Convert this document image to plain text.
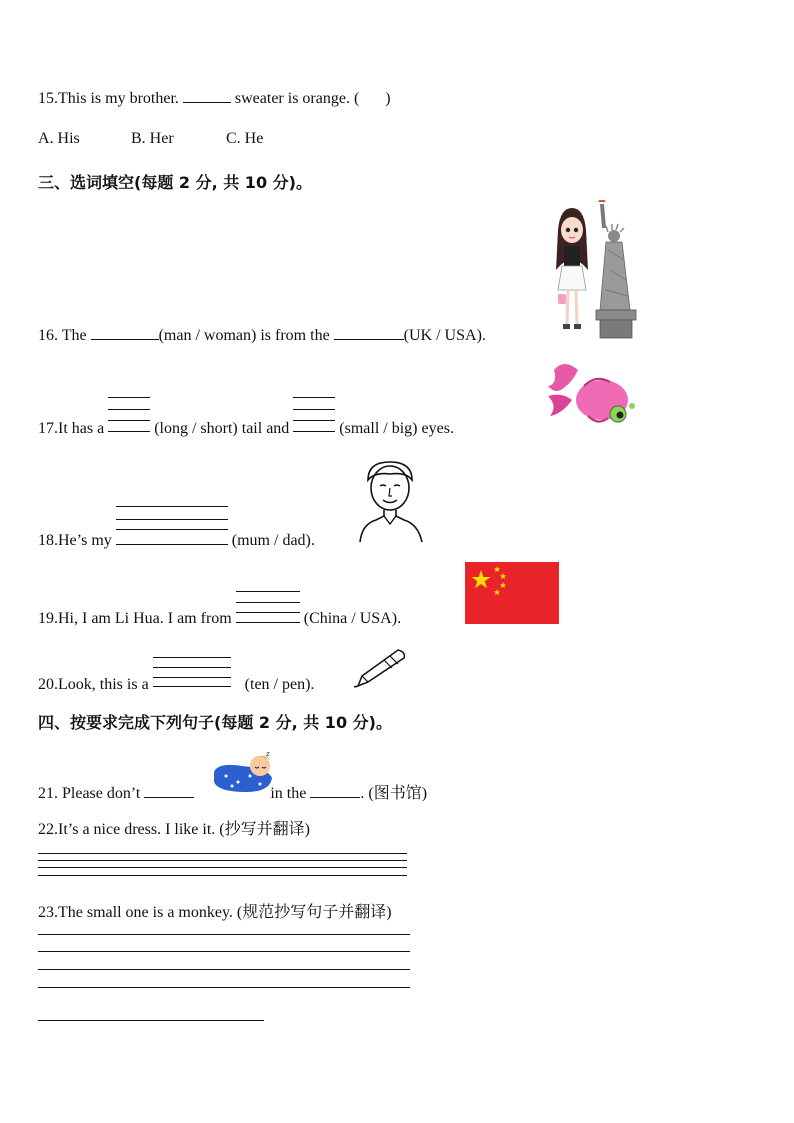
15.This is my brother.	sweater is orange. ( )
A. His	B. Her	C. He
三、选词填空(每题 2 分, 共 10 分)。
16. The	(man / woman) is from the	(UK / USA).
17.It has a	(long / short) tail and	(small / big) eyes.
18.He’s my	(mum / dad).
19.Hi, I am Li Hua. I am from	(China / USA).
20.Look, this is a	(ten / pen).
四、按要求完成下列句子(每题 2 分, 共 10 分)。
z
21. Please don’t	in the	. (图书馆)
22.It’s a nice dress. I like it. (抄写并翻译)
23.The small one is a monkey. (规范抄写句子并翻译)
